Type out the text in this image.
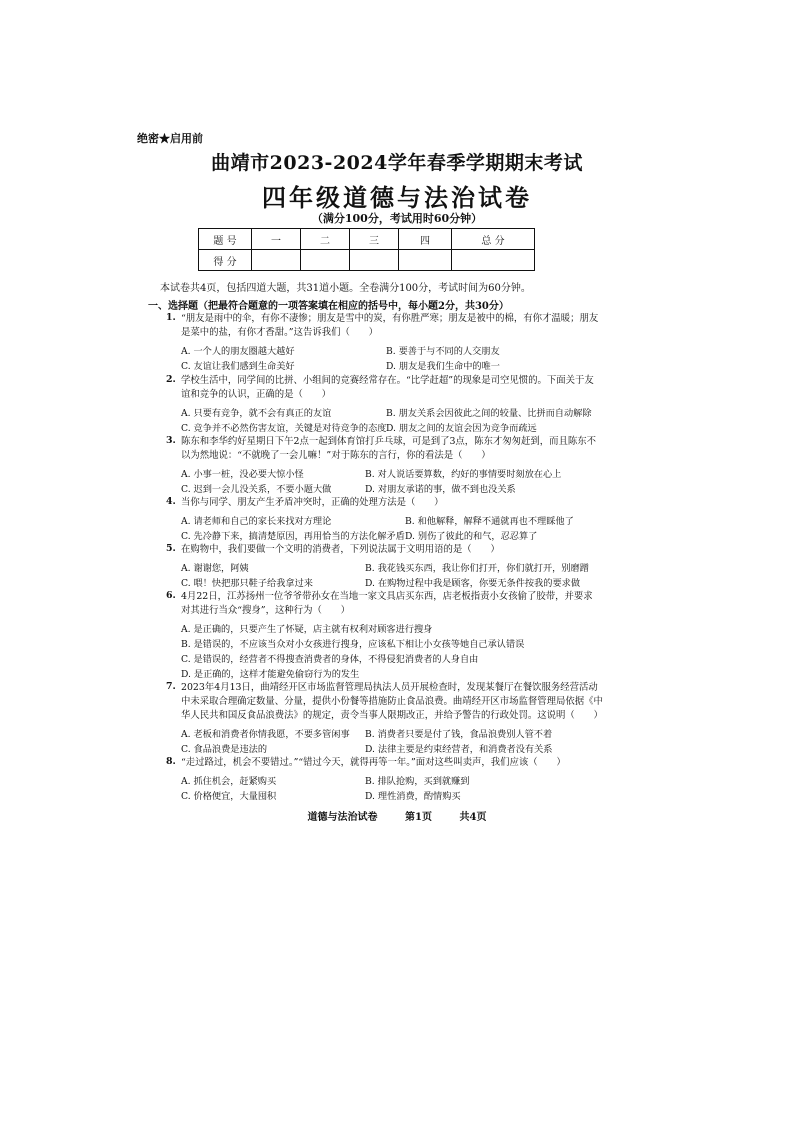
绝密★启用前
曲靖市2023-2024学年春季学期期末考试
四年级道德与法治试卷
（满分100分，考试用时60分钟）
题 号	一	二	三	四	总 分
得 分					
本试卷共4页，包括四道大题，共31道小题。全卷满分100分，考试时间为60分钟。
一、选择题（把最符合题意的一项答案填在相应的括号中，每小题2分，共30分）
1. “朋友是雨中的伞，有你不凄惨；朋友是雪中的炭，有你胜严寒；朋友是被中的棉，有你才温暖；朋友
是菜中的盐，有你才香甜。”这告诉我们（　　）
A. 一个人的朋友圈越大越好	B. 要善于与不同的人交朋友
C. 友谊让我们感到生命美好	D. 朋友是我们生命中的唯一
2. 学校生活中，同学间的比拼、小组间的竞赛经常存在。“比学赶超”的现象是司空见惯的。下面关于友
谊和竞争的认识，正确的是（　　）
A. 只要有竞争，就不会有真正的友谊	B. 朋友关系会因彼此之间的较量、比拼而自动解除
C. 竞争并不必然伤害友谊，关键是对待竞争的态度 D. 朋友之间的友谊会因为竞争而疏远
3. 陈东和李华约好星期日下午2点一起到体育馆打乒乓球，可是到了3点，陈东才匆匆赶到，而且陈东不
以为然地说：“不就晚了一会儿嘛！”对于陈东的言行，你的看法是（　　）
A. 小事一桩，没必要大惊小怪	B. 对人说话要算数，约好的事情要时刻放在心上
C. 迟到一会儿没关系，不要小题大做	D. 对朋友承诺的事，做不到也没关系
4. 当你与同学、朋友产生矛盾冲突时，正确的处理方法是（　　）
A. 请老师和自己的家长来找对方理论	B. 和他解释，解释不通就再也不理睬他了
C. 先冷静下来，搞清楚原因，再用恰当的方法化解矛盾 D. 别伤了彼此的和气，忍忍算了
5. 在购物中，我们要做一个文明的消费者，下列说法属于文明用语的是（　　）
A. 谢谢您，阿姨	B. 我花钱买东西，我让你们打开，你们就打开，别磨蹭
C. 喂！快把那只鞋子给我拿过来	D. 在购物过程中我是顾客，你要无条件按我的要求做
6. 4月22日，江苏扬州一位爷爷带孙女在当地一家文具店买东西，店老板指责小女孩偷了胶带，并要求
对其进行当众“搜身”，这种行为（　　）
A. 是正确的，只要产生了怀疑，店主就有权利对顾客进行搜身
B. 是错误的，不应该当众对小女孩进行搜身，应该私下相让小女孩等她自己承认错误
C. 是错误的，经营者不得搜查消费者的身体，不得侵犯消费者的人身自由
D. 是正确的，这样才能避免偷窃行为的发生
7. 2023年4月13日，曲靖经开区市场监督管理局执法人员开展检查时，发现某餐厅在餐饮服务经营活动
中未采取合理确定数量、分量，提供小份餐等措施防止食品浪费。曲靖经开区市场监督管理局依据《中
华人民共和国反食品浪费法》的规定，责令当事人限期改正，并给予警告的行政处罚。这说明（　　）
A. 老板和消费者你情我愿，不要多管闲事 B. 消费者只要是付了钱，食品浪费别人管不着
C. 食品浪费是违法的	D. 法律主要是约束经营者，和消费者没有关系
8. “走过路过，机会不要错过。”“错过今天，就得再等一年。”面对这些叫卖声，我们应该（　　）
A. 抓住机会，赶紧购买	B. 排队抢购，买到就赚到
C. 价格便宜，大量囤积	D. 理性消费，酌情购买
道德与法治试卷	第1页	共4页
